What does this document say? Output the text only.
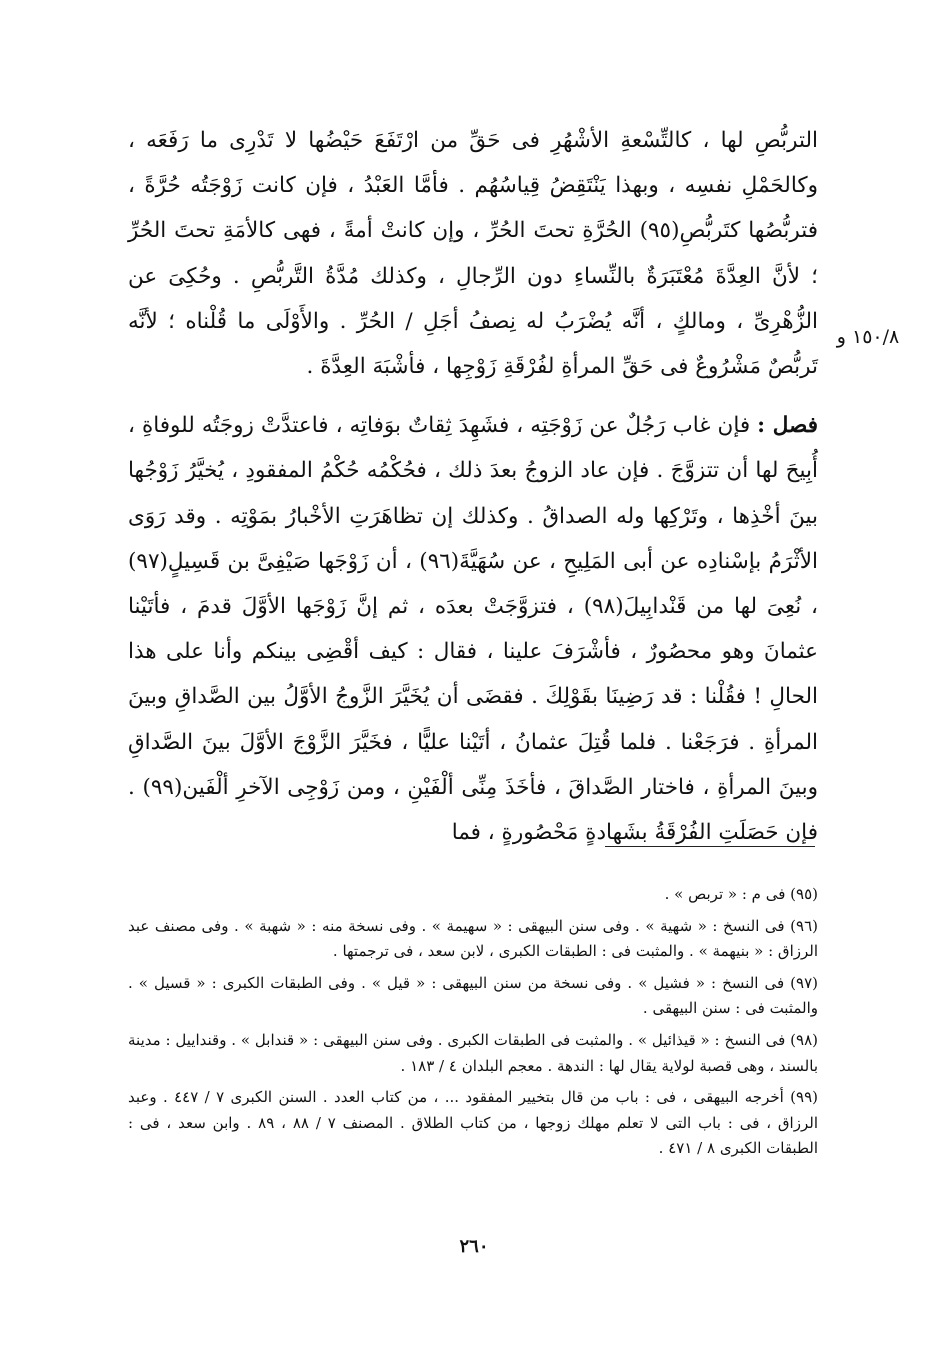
التربُّصِ لها ، كالتِّسْعةِ الأشْهُرِ فى حَقِّ من ارْتَفَعَ حَيْضُها لا تَدْرِى ما رَفَعَه ، وكالحَمْلِ نفسِه ، وبهذا يَنْتَقِضُ قِياسُهُم . فأمَّا العَبْدُ ، فإن كانت زَوْجَتُه حُرَّةً ، فتربُّصُها كتَربُّصِ(٩٥) الحُرَّةِ تحتَ الحُرِّ ، وإن كانتْ أمةً ، فهى كالأمَةِ تحتَ الحُرِّ ؛ لأنَّ العِدَّةَ مُعْتَبَرَةٌ بالنِّساءِ دون الرِّجالِ ، وكذلك مُدَّةُ التَّربُّصِ . وحُكِىَ عن الزُّهْرِىِّ ، ومالكٍ ، أنَّه يُضْرَبُ له نِصفُ أجَلِ / الحُرِّ . والأَوْلَى ما قُلْناه ؛ لأنَّه تَربُّصٌ مَشْرُوعٌ فى حَقِّ المرأةِ لفُرْقَةِ زَوْجِها ، فأشْبَهَ العِدَّةَ .

فصل : فإن غاب رَجُلٌ عن زَوْجَتِه ، فشَهِدَ ثِقاتٌ بوَفاتِه ، فاعتدَّتْ زوجَتُه للوفاةِ ، أُبِيحَ لها أن تتزوَّجَ . فإن عاد الزوجُ بعدَ ذلك ، فحُكْمُه حُكْمُ المفقودِ ، يُخيَّرُ زَوْجُها بينَ أخْذِها ، وتَرْكِها وله الصداقُ . وكذلك إن تظاهَرَتِ الأخْبارُ بمَوْتِه . وقد رَوَى الأثْرَمُ بإسْنادِه عن أبى المَلِيحِ ، عن سُهَيَّةَ(٩٦) ، أن زَوْجَها صَيْفِىَّ بن قَسِيلٍ(٩٧) ، نُعِىَ لها من قَنْدابِيلَ(٩٨) ، فتزوَّجَتْ بعدَه ، ثم إنَّ زَوْجَها الأوَّلَ قدمَ ، فأتَيْنا عثمانَ وهو محصُورٌ ، فأشْرَفَ علينا ، فقال : كيف أقْضِى بينكم وأنا على هذا الحالِ ! فقُلْنا : قد رَضِينَا بقَوْلِكَ . فقضَى أن يُخَيَّرَ الزَّوجُ الأوَّلُ بين الصَّداقِ وبينَ المرأةِ . فرَجَعْنا . فلما قُتِلَ عثمانُ ، أتَيْنا عليًّا ، فخَيَّرَ الزَّوْجَ الأوَّلَ بينَ الصَّداقِ وبينَ المرأةِ ، فاختار الصَّداقَ ، فأخَذَ مِنِّى ألْفَيْنِ ، ومن زَوْجِى الآخرِ ألْفَين(٩٩) . فإن حَصَلَتِ الفُرْقَةُ بشَهادةٍ مَحْصُورةٍ ، فما

١٥٠/٨ و

(٩٥) فى م : « تربص » .

(٩٦) فى النسخ : « شهية » . وفى سنن البيهقى : « سهيمة » . وفى نسخة منه : « شهبة » . وفى مصنف عبد الرزاق : « بنيهمة » . والمثبت فى : الطبقات الكبرى ، لابن سعد ، فى ترجمتها .

(٩٧) فى النسخ : « فشيل » . وفى نسخة من سنن البيهقى : « قيل » . وفى الطبقات الكبرى : « قسيل » . والمثبت فى : سنن البيهقى .

(٩٨) فى النسخ : « قيذائيل » . والمثبت فى الطبقات الكبرى . وفى سنن البيهقى : « قندابل » . وقنداييل : مدينة بالسند ، وهى قصبة لولاية يقال لها : الندهة . معجم البلدان ٤ / ١٨٣ .

(٩٩) أخرجه البيهقى ، فى : باب من قال بتخيير المفقود ... ، من كتاب العدد . السنن الكبرى ٧ / ٤٤٧ . وعبد الرزاق ، فى : باب التى لا تعلم مهلك زوجها ، من كتاب الطلاق . المصنف ٧ / ٨٨ ، ٨٩ . وابن سعد ، فى : الطبقات الكبرى ٨ / ٤٧١ .

٢٦٠
